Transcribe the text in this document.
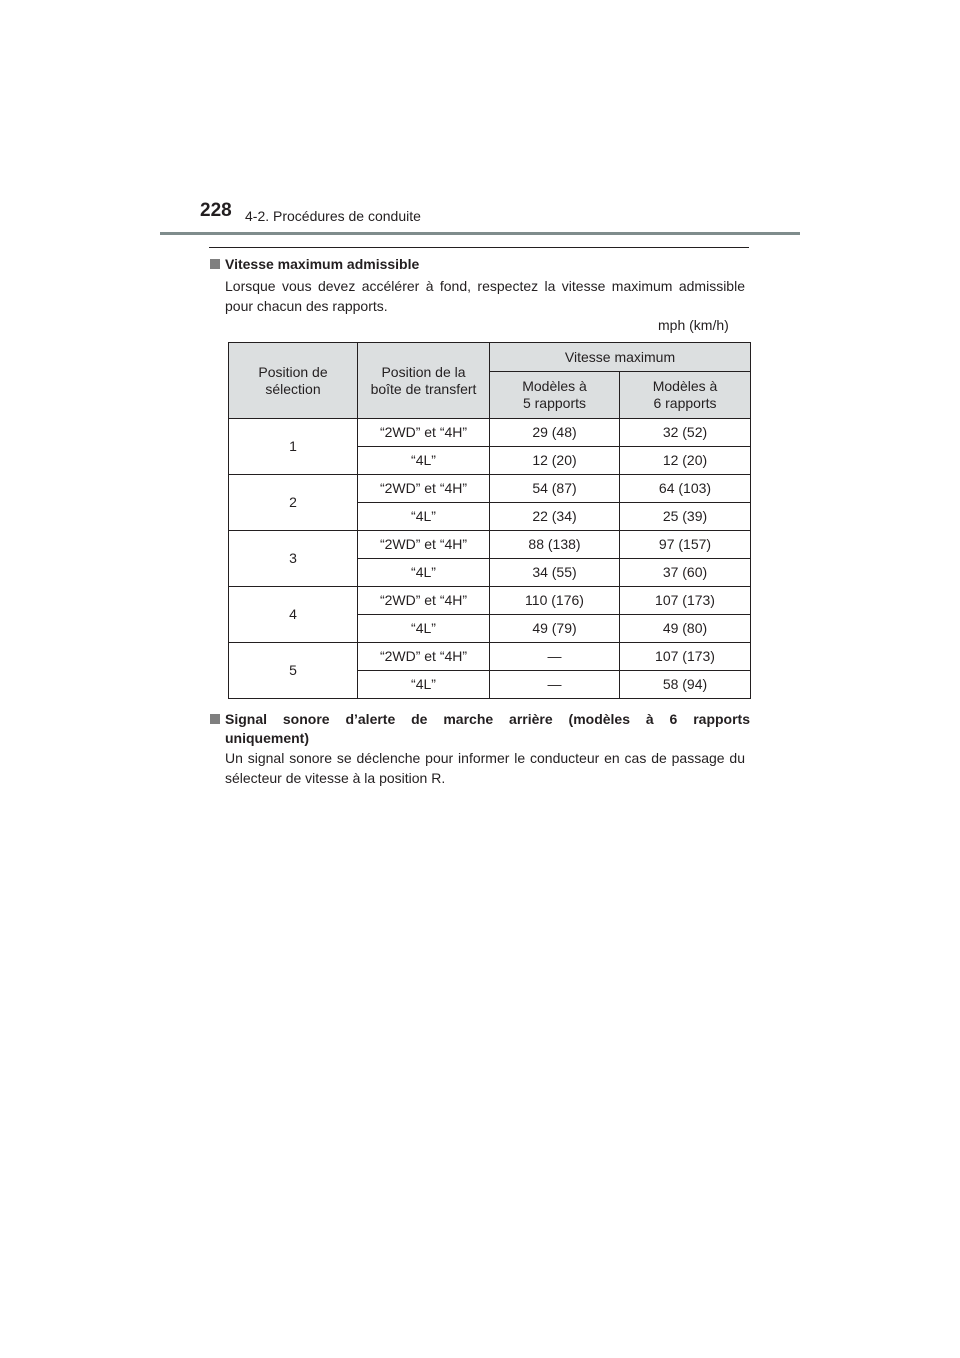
228 4-2. Procédures de conduite
Vitesse maximum admissible
Lorsque vous devez accélérer à fond, respectez la vitesse maximum admissible pour chacun des rapports.
mph (km/h)
Position de sélection	Position de la boîte de transfert	Vitesse maximum	
		Modèles à 5 rapports	Modèles à 6 rapports
1	“2WD” et “4H”	29 (48)	32 (52)
	“4L”	12 (20)	12 (20)
2	“2WD” et “4H”	54 (87)	64 (103)
	“4L”	22 (34)	25 (39)
3	“2WD” et “4H”	88 (138)	97 (157)
	“4L”	34 (55)	37 (60)
4	“2WD” et “4H”	110 (176)	107 (173)
	“4L”	49 (79)	49 (80)
5	“2WD” et “4H”	—	107 (173)
	“4L”	—	58 (94)
Signal sonore d’alerte de marche arrière (modèles à 6 rapports
uniquement)
Un signal sonore se déclenche pour informer le conducteur en cas de passage du sélecteur de vitesse à la position R.
